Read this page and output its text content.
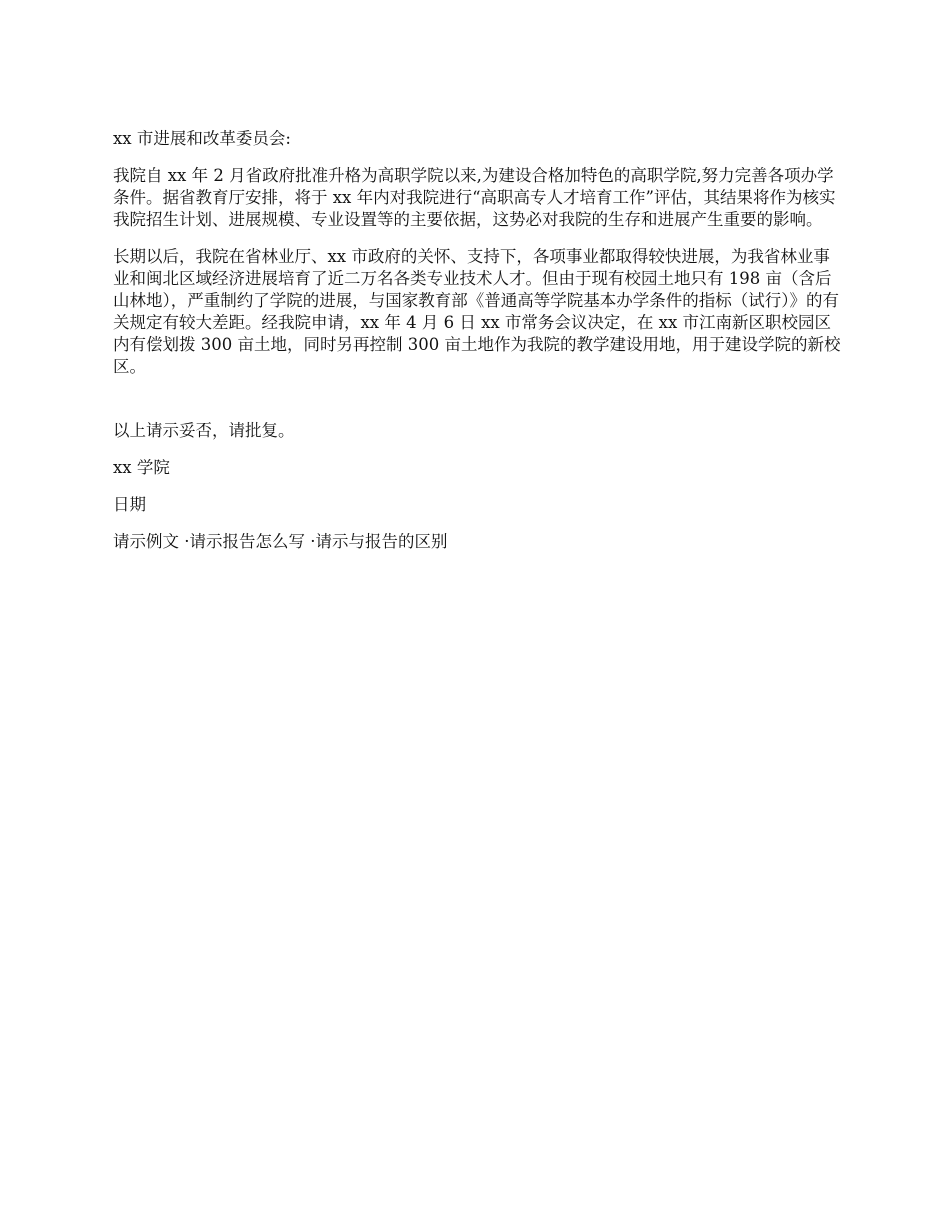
xx 市进展和改革委员会:

我院自 xx 年 2 月省政府批准升格为高职学院以来,为建设合格加特色的高职学院,努力完善各项办学条件。据省教育厅安排，将于 xx 年内对我院进行“高职高专人才培育工作”评估，其结果将作为核实我院招生计划、进展规模、专业设置等的主要依据，这势必对我院的生存和进展产生重要的影响。

长期以后，我院在省林业厅、xx 市政府的关怀、支持下，各项事业都取得较快进展，为我省林业事业和闽北区域经济进展培育了近二万名各类专业技术人才。但由于现有校园土地只有 198 亩（含后山林地），严重制约了学院的进展，与国家教育部《普通高等学院基本办学条件的指标（试行）》的有关规定有较大差距。经我院申请，xx 年 4 月 6 日 xx 市常务会议决定，在 xx 市江南新区职校园区内有偿划拨 300 亩土地，同时另再控制 300 亩土地作为我院的教学建设用地，用于建设学院的新校区。

以上请示妥否，请批复。

xx 学院

日期

请示例文 ·请示报告怎么写 ·请示与报告的区别
